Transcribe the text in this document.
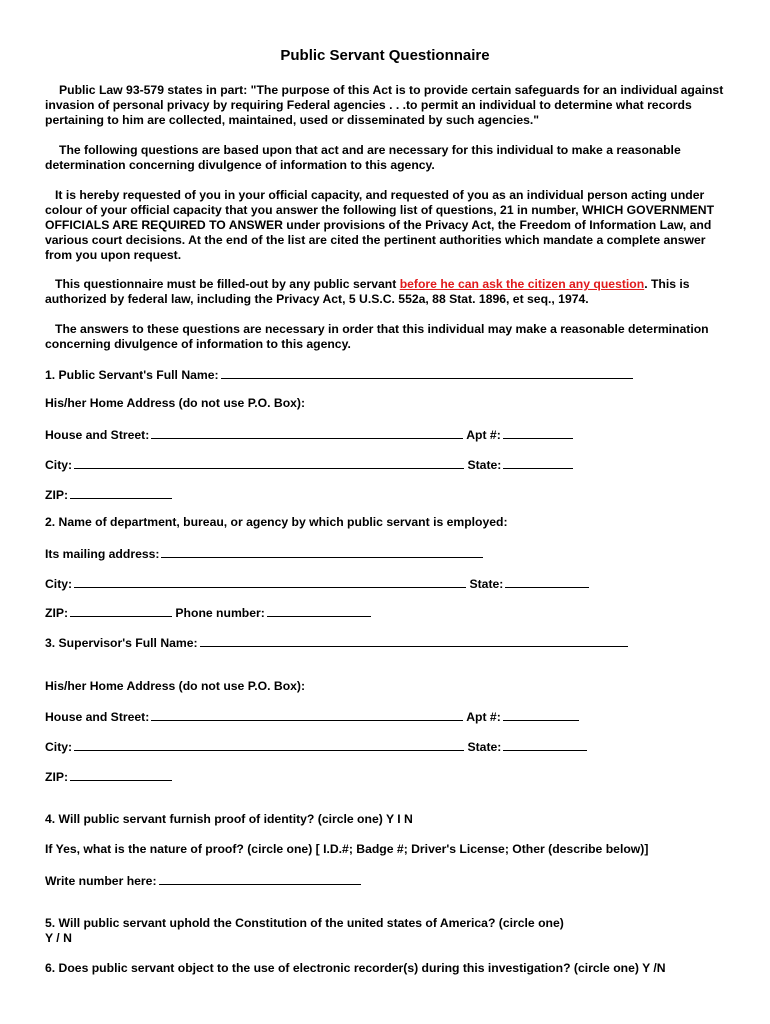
Public Servant Questionnaire
Public Law 93-579 states in part: "The purpose of this Act is to provide certain safeguards for an individual against invasion of personal privacy by requiring Federal agencies . . .to permit an individual to determine what records pertaining to him are collected, maintained, used or disseminated by such agencies."
The following questions are based upon that act and are necessary for this individual to make a reasonable determination concerning divulgence of information to this agency.
It is hereby requested of you in your official capacity, and requested of you as an individual person acting under colour of your official capacity that you answer the following list of questions, 21 in number, WHICH GOVERNMENT OFFICIALS ARE REQUIRED TO ANSWER under provisions of the Privacy Act, the Freedom of Information Law, and various court decisions. At the end of the list are cited the pertinent authorities which mandate a complete answer from you upon request.
This questionnaire must be filled-out by any public servant before he can ask the citizen any question. This is authorized by federal law, including the Privacy Act, 5 U.S.C. 552a, 88 Stat. 1896, et seq., 1974.
The answers to these questions are necessary in order that this individual may make a reasonable determination concerning divulgence of information to this agency.
1. Public Servant's Full Name:
His/her Home Address (do not use P.O. Box):
House and Street:	Apt #:
City:	State:
ZIP:
2. Name of department, bureau, or agency by which public servant is employed:
Its mailing address:
City:	State:
ZIP:	Phone number:
3. Supervisor's Full Name:
His/her Home Address (do not use P.O. Box):
House and Street:	Apt #:
City:	State:
ZIP:
4. Will public servant furnish proof of identity? (circle one) Y I N
If Yes, what is the nature of proof? (circle one) [ I.D.#; Badge #; Driver's License; Other (describe below)]
Write number here:
5. Will public servant uphold the Constitution of the united states of America? (circle one)
Y / N
6. Does public servant object to the use of electronic recorder(s) during this investigation? (circle one) Y /N
